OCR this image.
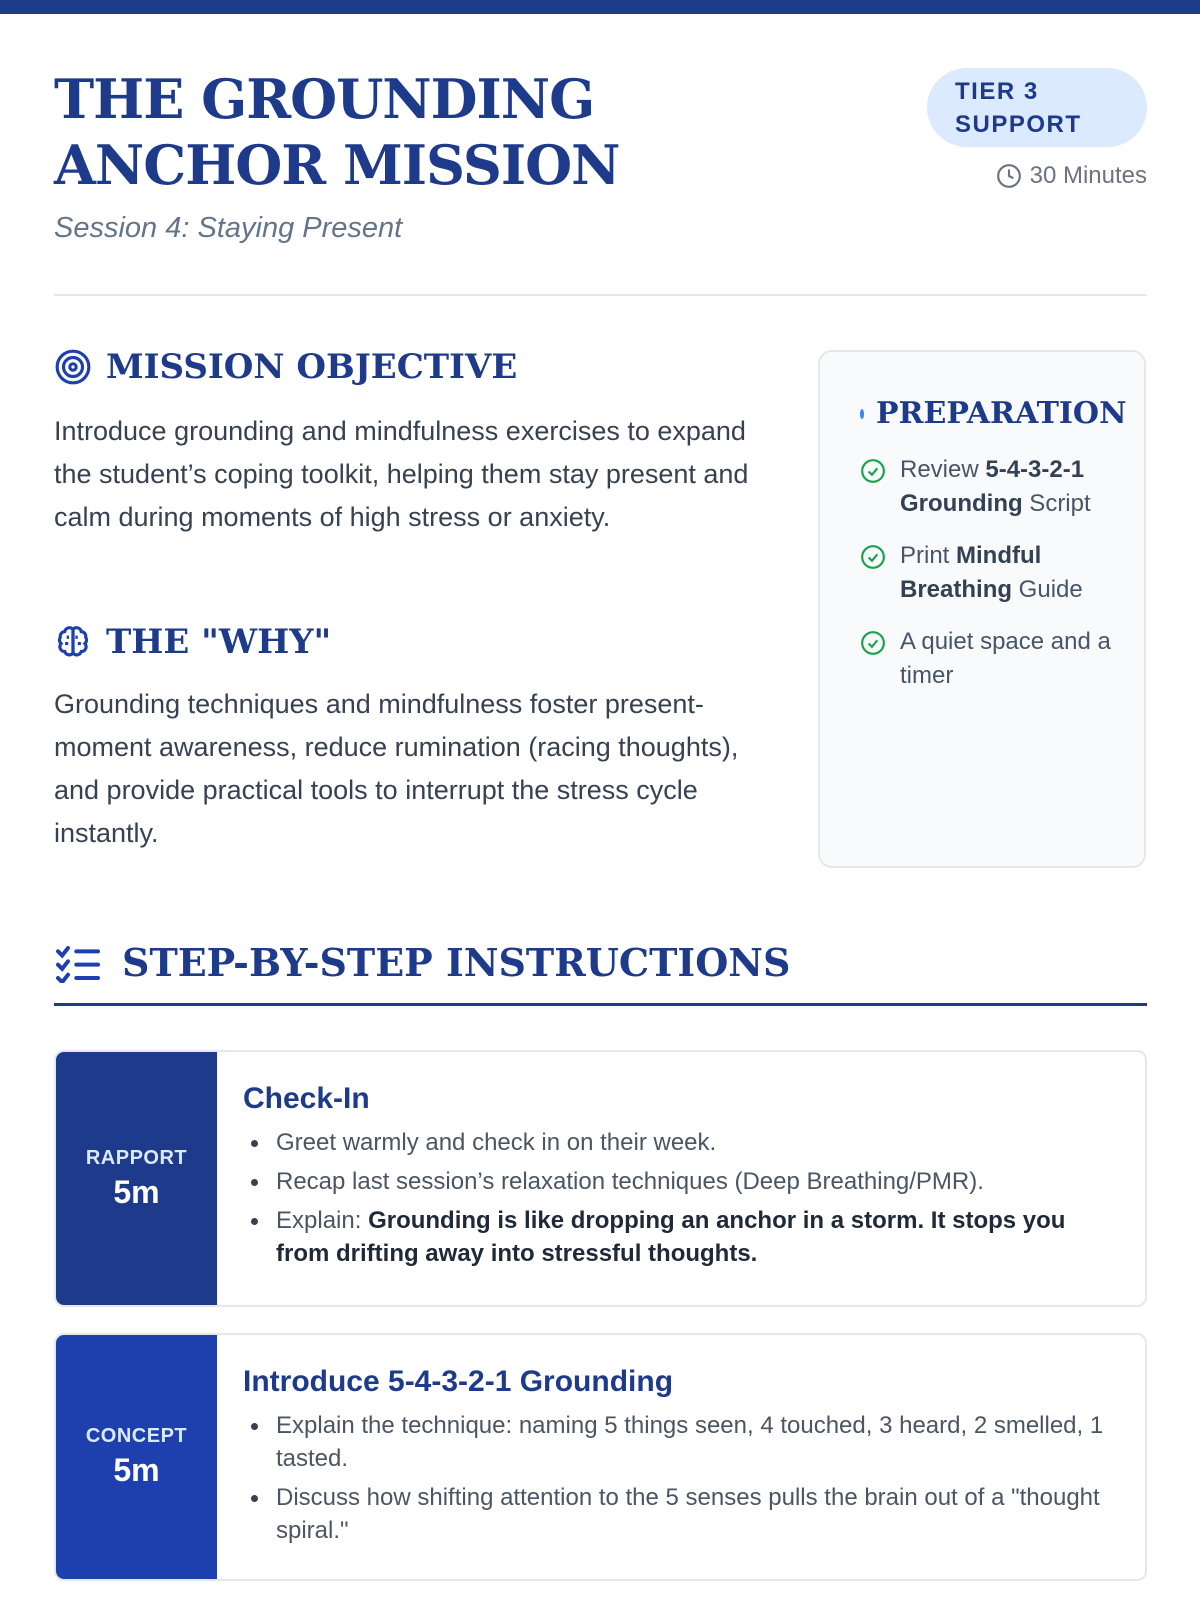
THE GROUNDING ANCHOR MISSION
Session 4: Staying Present
TIER 3 SUPPORT
30 Minutes
MISSION OBJECTIVE

Introduce grounding and mindfulness exercises to expand the student’s coping toolkit, helping them stay present and calm during moments of high stress or anxiety.

THE "WHY"

Grounding techniques and mindfulness foster present-moment awareness, reduce rumination (racing thoughts), and provide practical tools to interrupt the stress cycle instantly.

PREPARATION
Review 5-4-3-2-1 Grounding Script
Print Mindful Breathing Guide
A quiet space and a timer
STEP-BY-STEP INSTRUCTIONS
RAPPORT
5m
Check-In
Greet warmly and check in on their week.
Recap last session’s relaxation techniques (Deep Breathing/PMR).
Explain: Grounding is like dropping an anchor in a storm. It stops you from drifting away into stressful thoughts.
CONCEPT
5m
Introduce 5-4-3-2-1 Grounding
Explain the technique: naming 5 things seen, 4 touched, 3 heard, 2 smelled, 1 tasted.
Discuss how shifting attention to the 5 senses pulls the brain out of a "thought spiral."
